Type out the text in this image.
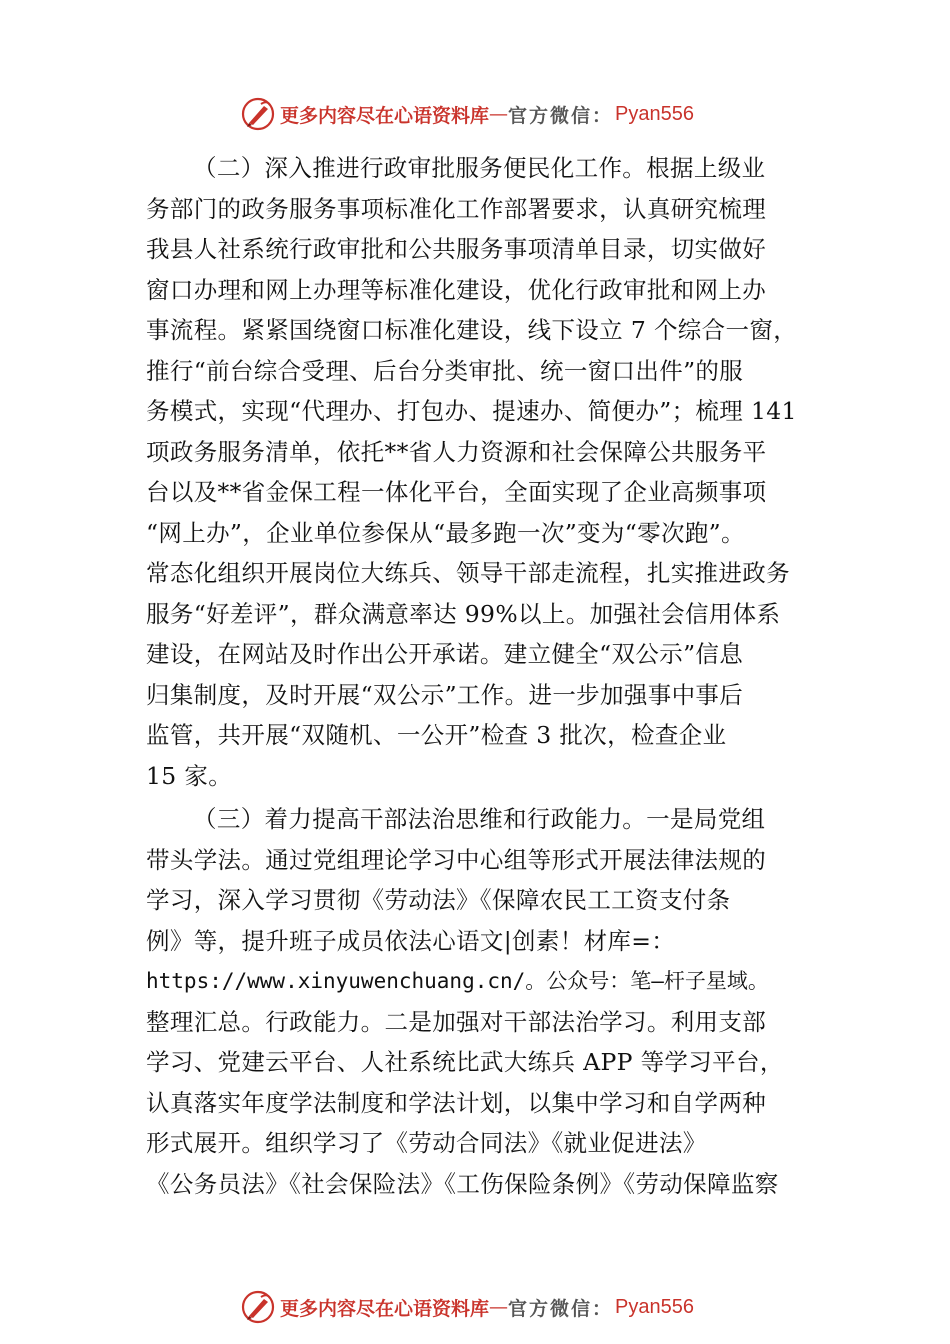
更多内容尽在心语资料库 — 官方微信： Pyan556
（二）深入推进行政审批服务便民化工作。根据上级业
务部门的政务服务事项标准化工作部署要求，认真研究梳理
我县人社系统行政审批和公共服务事项清单目录，切实做好
窗口办理和网上办理等标准化建设，优化行政审批和网上办
事流程。紧紧国绕窗口标准化建设，线下设立 7 个综合一窗，
推行“前台综合受理、后台分类审批、统一窗口出件”的服
务模式，实现“代理办、打包办、提速办、简便办”；梳理 141
项政务服务清单，依托**省人力资源和社会保障公共服务平
台以及**省金保工程一体化平台，全面实现了企业高频事项
“网上办”，企业单位参保从“最多跑一次”变为“零次跑”。
常态化组织开展岗位大练兵、领导干部走流程，扎实推进政务
服务“好差评”，群众满意率达 99%以上。加强社会信用体系
建设，在网站及时作出公开承诺。建立健全“双公示”信息
归集制度，及时开展“双公示”工作。进一步加强事中事后
监管，共开展“双随机、一公开”检查 3 批次，检查企业
15 家。
（三）着力提高干部法治思维和行政能力。一是局党组
带头学法。通过党组理论学习中心组等形式开展法律法规的
学习，深入学习贯彻《劳动法》《保障农民工工资支付条
例》等，提升班子成员依法心语文|创素！材库=：
https://www.xinyuwenchuang.cn/。公众号：笔—杆子星域。
整理汇总。行政能力。二是加强对干部法治学习。利用支部
学习、党建云平台、人社系统比武大练兵 APP 等学习平台，
认真落实年度学法制度和学法计划，以集中学习和自学两种
形式展开。组织学习了《劳动合同法》《就业促进法》
《公务员法》《社会保险法》《工伤保险条例》《劳动保障监察
更多内容尽在心语资料库 — 官方微信： Pyan556
